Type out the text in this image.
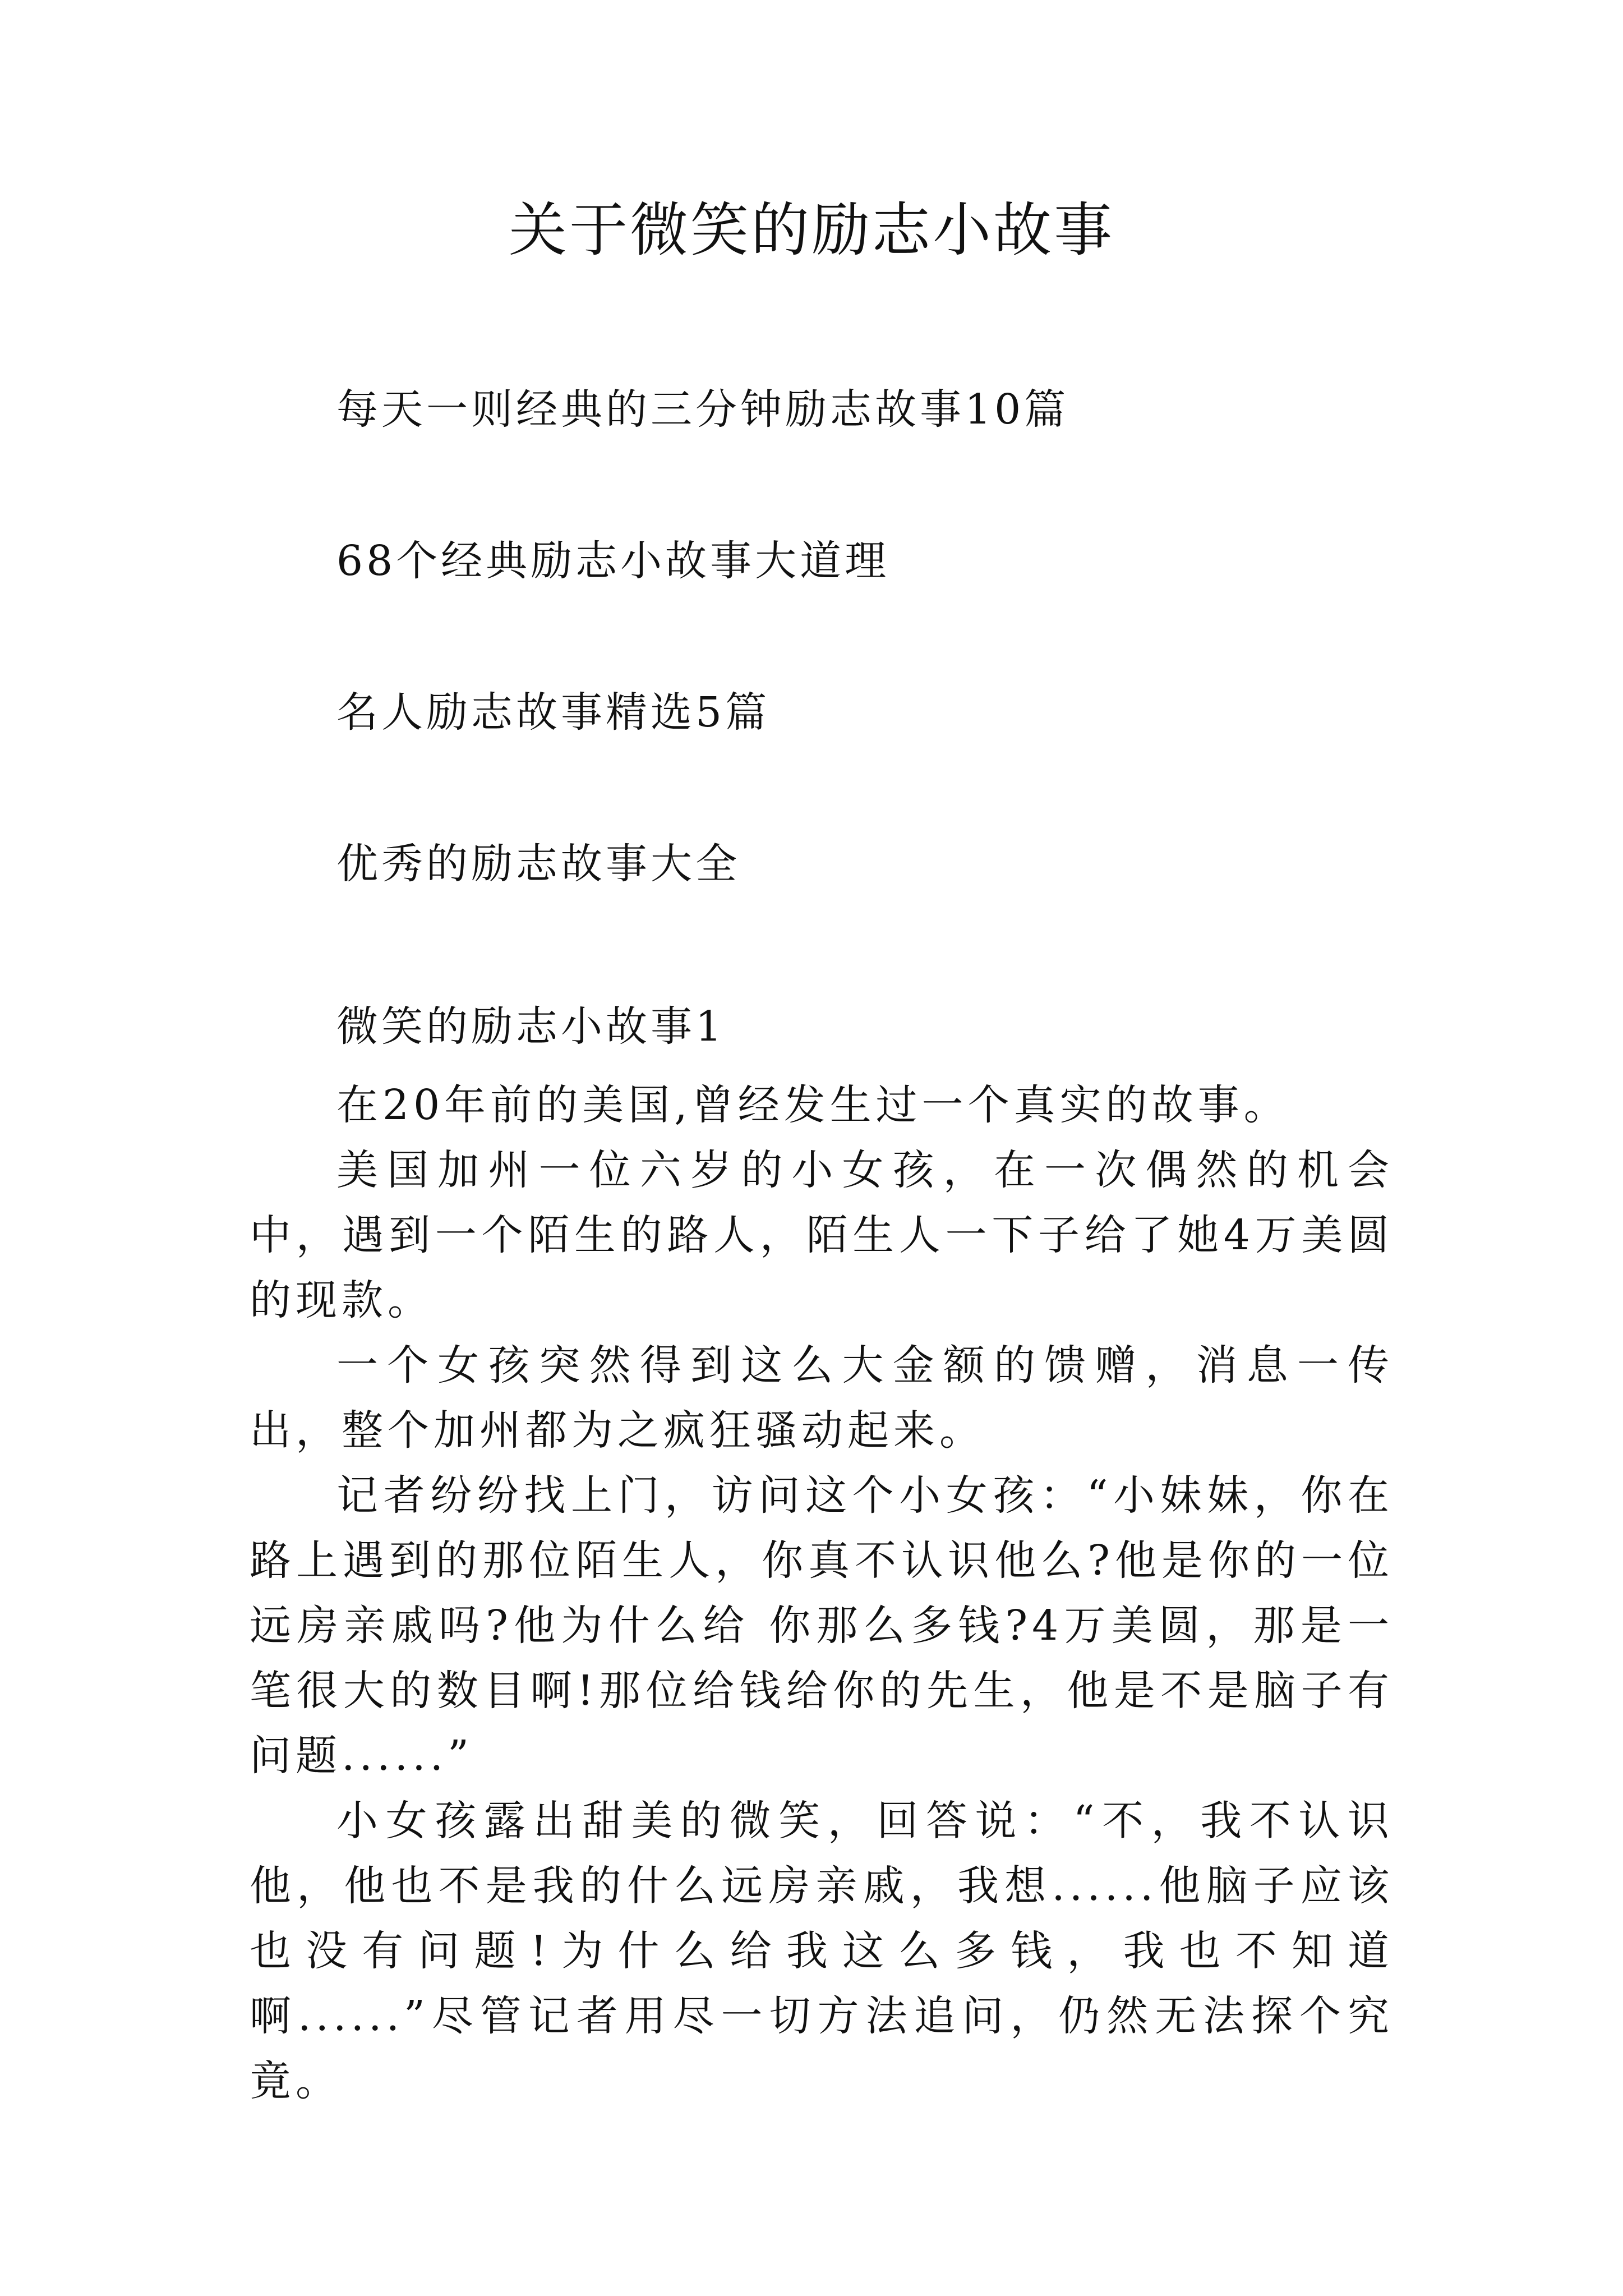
关于微笑的励志小故事
每天一则经典的三分钟励志故事10篇
68个经典励志小故事大道理
名人励志故事精选5篇
优秀的励志故事大全
微笑的励志小故事1

在20年前的美国,曾经发生过一个真实的故事。

美国加州一位六岁的小女孩，在一次偶然的机会中，遇到一个陌生的路人，陌生人一下子给了她4万美圆的现款。

一个女孩突然得到这么大金额的馈赠，消息一传出，整个加州都为之疯狂骚动起来。

记者纷纷找上门，访问这个小女孩：“小妹妹，你在路上遇到的那位陌生人，你真不认识他么?他是你的一位远房亲戚吗?他为什么给 你那么多钱?4万美圆，那是一笔很大的数目啊!那位给钱给你的先生，他是不是脑子有问题......”

小女孩露出甜美的微笑，回答说：“不，我不认识他，他也不是我的什么远房亲戚，我想......他脑子应该也没有问题!为什么给我这么多钱，我也不知道啊......”尽管记者用尽一切方法追问，仍然无法探个究竟。
